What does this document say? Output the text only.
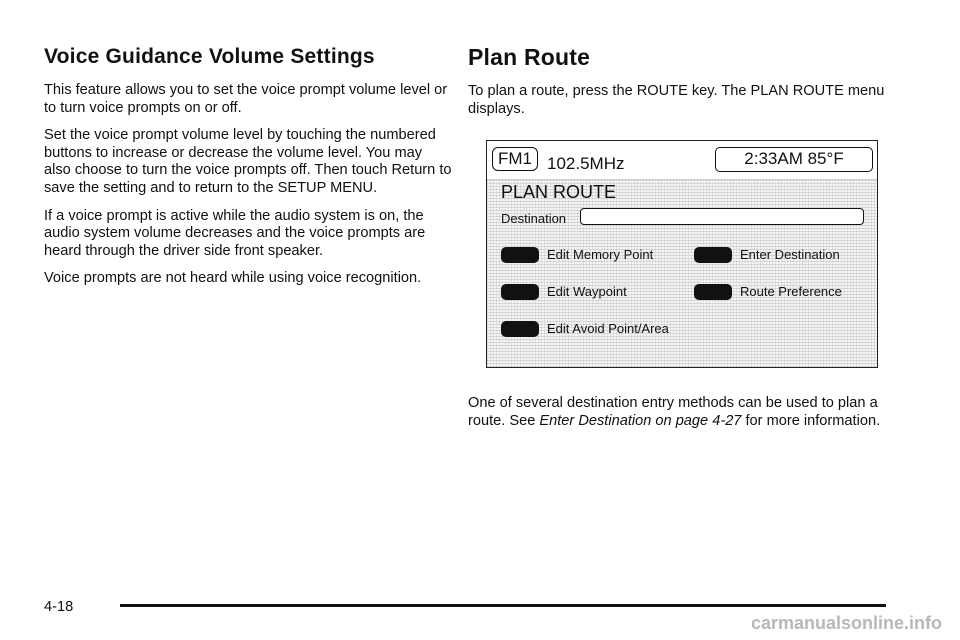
Voice Guidance Volume Settings

This feature allows you to set the voice prompt volume level or to turn voice prompts on or off.

Set the voice prompt volume level by touching the numbered buttons to increase or decrease the volume level. You may also choose to turn the voice prompts off. Then touch Return to save the setting and to return to the SETUP MENU.

If a voice prompt is active while the audio system is on, the audio system volume decreases and the voice prompts are heard through the driver side front speaker.

Voice prompts are not heard while using voice recognition.

Plan Route

To plan a route, press the ROUTE key. The PLAN ROUTE menu displays.

FM1 102.5MHz	2:33AM 85°F
PLAN ROUTE
Destination
Edit Memory Point	Enter Destination
Edit Waypoint	Route Preference
Edit Avoid Point/Area

One of several destination entry methods can be used to plan a route. See Enter Destination on page 4-27 for more information.

4-18
carmanualsonline.info
